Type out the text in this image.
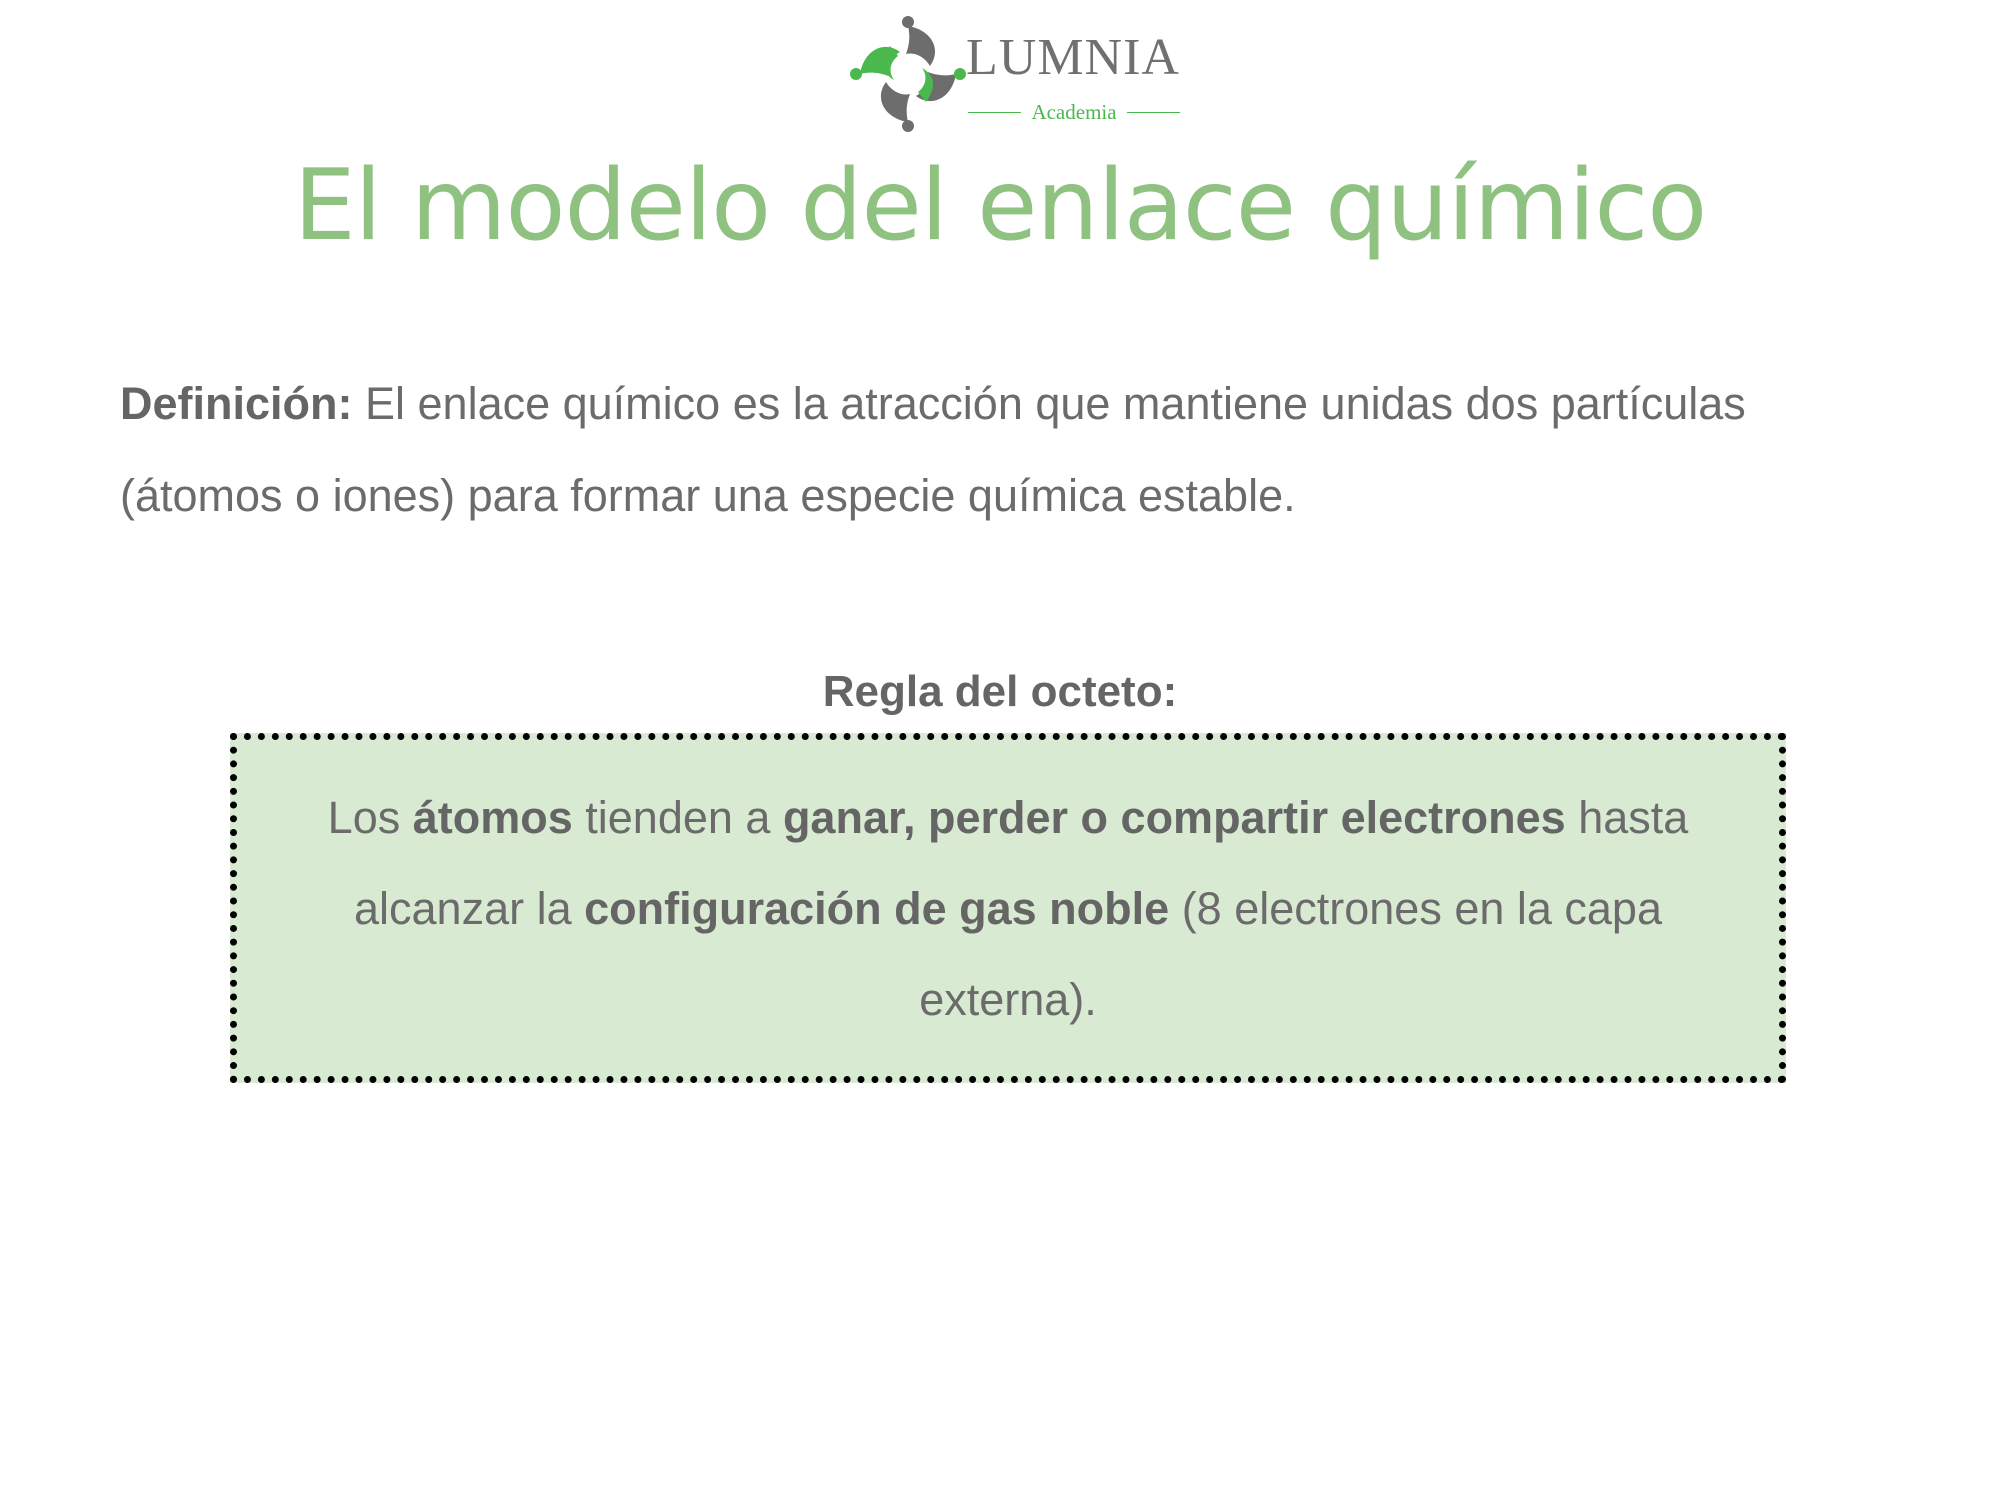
LUMNIA
Academia
El modelo del enlace químico
Definición: El enlace químico es la atracción que mantiene unidas dos partículas (átomos o iones) para formar una especie química estable.
Regla del octeto:
Los átomos tienden a ganar, perder o compartir electrones hasta alcanzar la configuración de gas noble (8 electrones en la capa externa).
